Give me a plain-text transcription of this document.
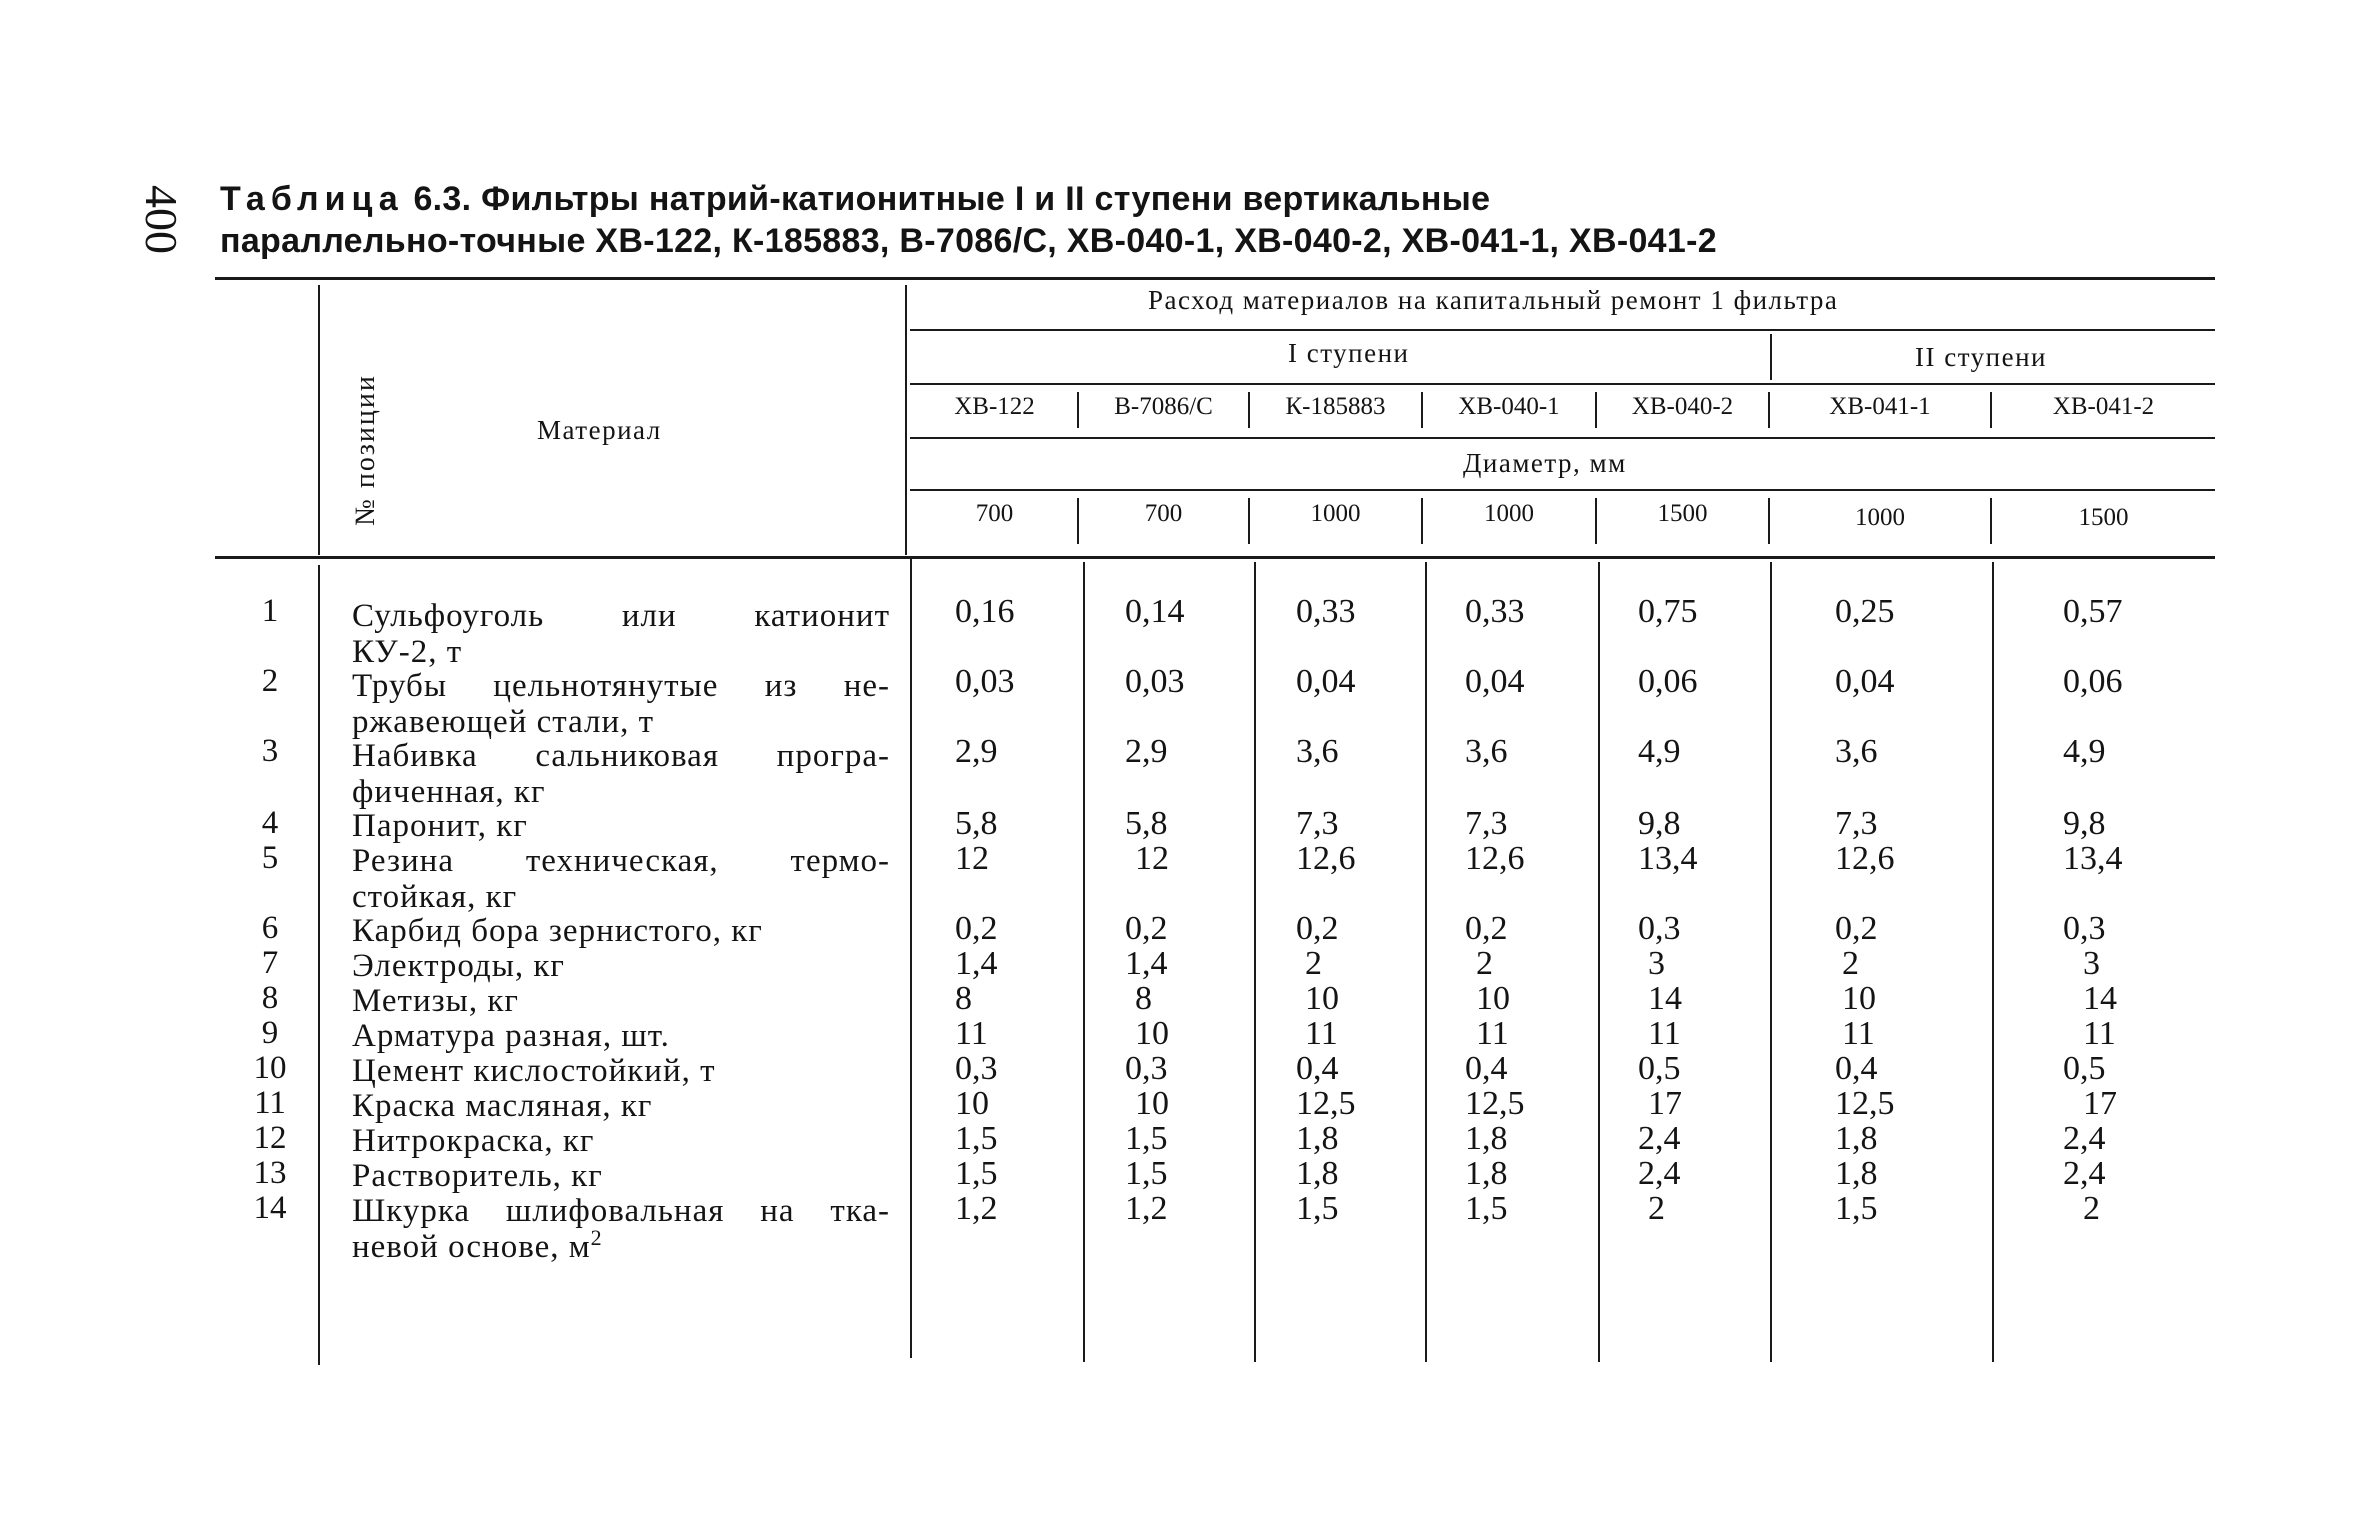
400 Таблица 6.3. Фильтры натрий-катионитные I и II ступени вертикальные
параллельно-точные ХВ-122, К-185883, В-7086/С, ХВ-040-1, ХВ-040-2, ХВ-041-1, ХВ-041-2
№ позиции	Материал
Расход материалов на капитальный ремонт 1 фильтра
I ступени	II ступени
Диаметр, мм
ХВ-122	В-7086/С	К-185883	ХВ-040-1	ХВ-040-2	ХВ-041-1	ХВ-041-2
700	700	1000	1000	1500	1000	1500
1	Сульфоуголь или катионит
КУ-2, т
0,16	0,14	0,33	0,33	0,75	0,25	0,57
2	Трубы цельнотянутые из не-
ржавеющей стали, т
0,03	0,03	0,04	0,04	0,06	0,04	0,06
3	Набивка сальниковая програ-
фиченная, кг
2,9	2,9	3,6	3,6	4,9	3,6	4,9
4	Паронит, кг	5,8	5,8	7,3	7,3	9,8	7,3	9,8
5	Резина техническая, термо-
стойкая, кг
12	12	12,6	12,6	13,4	12,6	13,4
6	Карбид бора зернистого, кг	0,2	0,2	0,2	0,2	0,3	0,2	0,3
7	Электроды, кг	1,4	1,4	2	2	3	2	3
8	Метизы, кг	8	8	10	10	14	10	14
9	Арматура разная, шт.	11	10	11	11	11	11	11
10	Цемент кислостойкий, т	0,3	0,3	0,4	0,4	0,5	0,4	0,5
11	Краска масляная, кг	10	10	12,5	12,5	17	12,5	17
12	Нитрокраска, кг	1,5	1,5	1,8	1,8	2,4	1,8	2,4
13	Растворитель, кг	1,5	1,5	1,8	1,8	2,4	1,8	2,4
14	Шкурка шлифовальная на тка-
невой основе, $м^2$
1,2	1,2	1,5	1,5	2	1,5	2
